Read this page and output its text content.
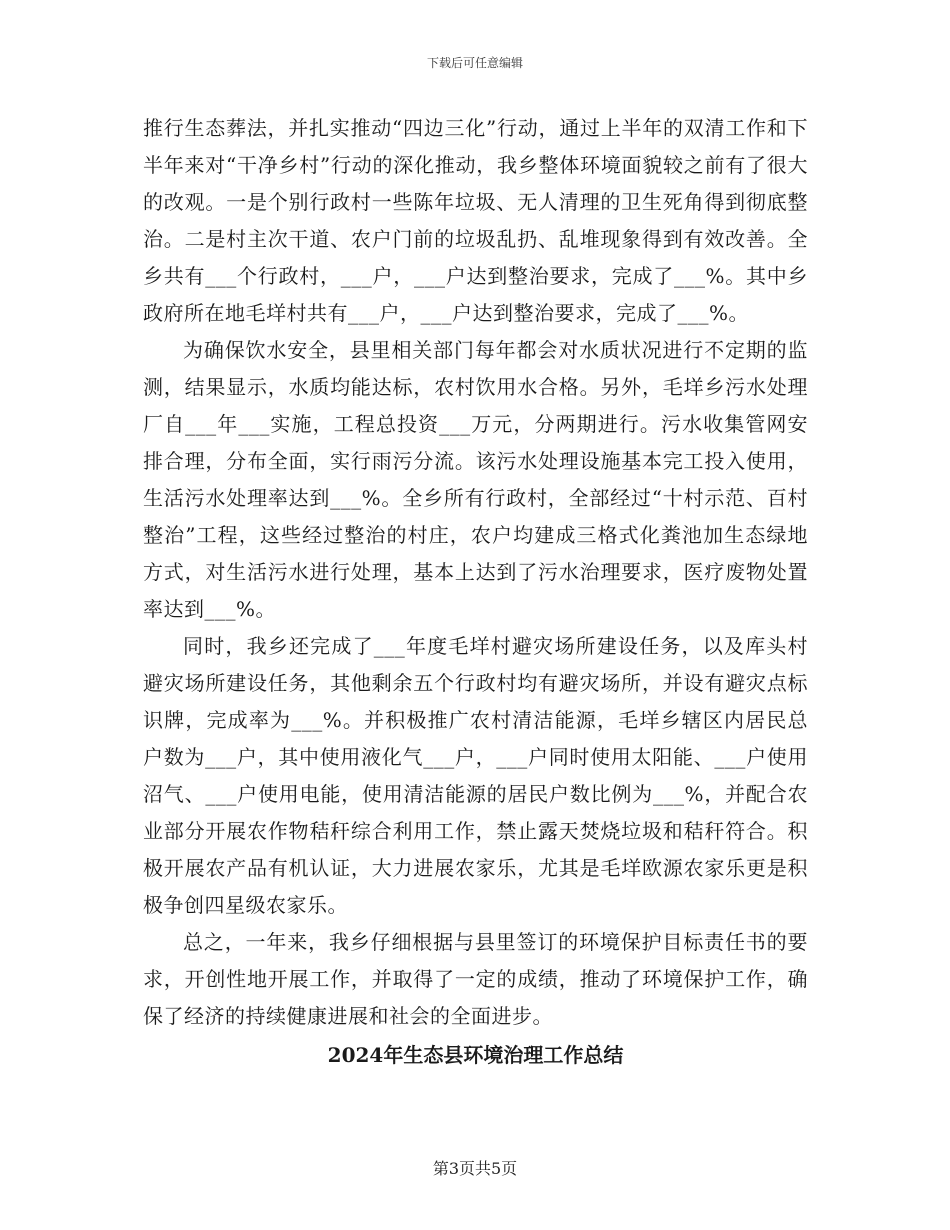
下载后可任意编辑

推行生态葬法，并扎实推动“四边三化”行动，通过上半年的双清工作和下半年来对“干净乡村”行动的深化推动，我乡整体环境面貌较之前有了很大的改观。一是个别行政村一些陈年垃圾、无人清理的卫生死角得到彻底整治。二是村主次干道、农户门前的垃圾乱扔、乱堆现象得到有效改善。全乡共有___个行政村，___户，___户达到整治要求，完成了___%。其中乡政府所在地毛垟村共有___户，___户达到整治要求，完成了___%。

为确保饮水安全，县里相关部门每年都会对水质状况进行不定期的监测，结果显示，水质均能达标，农村饮用水合格。另外，毛垟乡污水处理厂自___年___实施，工程总投资___万元，分两期进行。污水收集管网安排合理，分布全面，实行雨污分流。该污水处理设施基本完工投入使用，生活污水处理率达到___%。全乡所有行政村，全部经过“十村示范、百村整治”工程，这些经过整治的村庄，农户均建成三格式化粪池加生态绿地方式，对生活污水进行处理，基本上达到了污水治理要求，医疗废物处置率达到___%。

同时，我乡还完成了___年度毛垟村避灾场所建设任务，以及库头村避灾场所建设任务，其他剩余五个行政村均有避灾场所，并设有避灾点标识牌，完成率为___%。并积极推广农村清洁能源，毛垟乡辖区内居民总户数为___户，其中使用液化气___户，___户同时使用太阳能、___户使用沼气、___户使用电能，使用清洁能源的居民户数比例为___%，并配合农业部分开展农作物秸秆综合利用工作，禁止露天焚烧垃圾和秸秆符合。积极开展农产品有机认证，大力进展农家乐，尤其是毛垟欧源农家乐更是积极争创四星级农家乐。

总之，一年来，我乡仔细根据与县里签订的环境保护目标责任书的要求，开创性地开展工作，并取得了一定的成绩，推动了环境保护工作，确保了经济的持续健康进展和社会的全面进步。

2024年生态县环境治理工作总结
第3页共5页
